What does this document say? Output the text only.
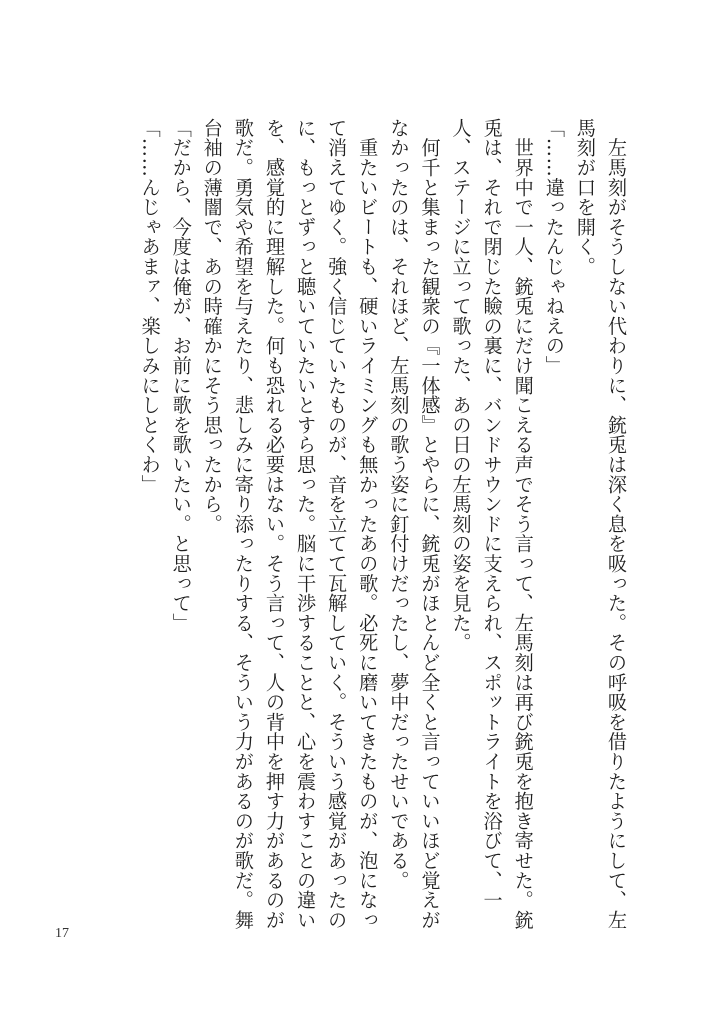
　左馬刻がそうしない代わりに、銃兎は深く息を吸った。その呼吸を借りたようにして、左馬刻が口を開く。

「……違ったんじゃねえの」

　世界中で一人、銃兎にだけ聞こえる声でそう言って、左馬刻は再び銃兎を抱き寄せた。銃兎は、それで閉じた瞼の裏に、バンドサウンドに支えられ、スポットライトを浴びて、一人、ステージに立って歌った、あの日の左馬刻の姿を見た。

　何千と集まった観衆の『一体感』とやらに、銃兎がほとんど全くと言っていいほど覚えがなかったのは、それほど、左馬刻の歌う姿に釘付けだったし、夢中だったせいである。

　重たいビートも、硬いライミングも無かったあの歌。必死に磨いてきたものが、泡になって消えてゆく。強く信じていたものが、音を立てて瓦解していく。そういう感覚があったのに、もっとずっと聴いていたいとすら思った。脳に干渉することと、心を震わすことの違いを、感覚的に理解した。何も恐れる必要はない。そう言って、人の背中を押す力があるのが歌だ。勇気や希望を与えたり、悲しみに寄り添ったりする、そういう力があるのが歌だ。舞台袖の薄闇で、あの時確かにそう思ったから。

「だから、今度は俺が、お前に歌を歌いたい。と思って」

「……んじゃあまァ、楽しみにしとくわ」

17
